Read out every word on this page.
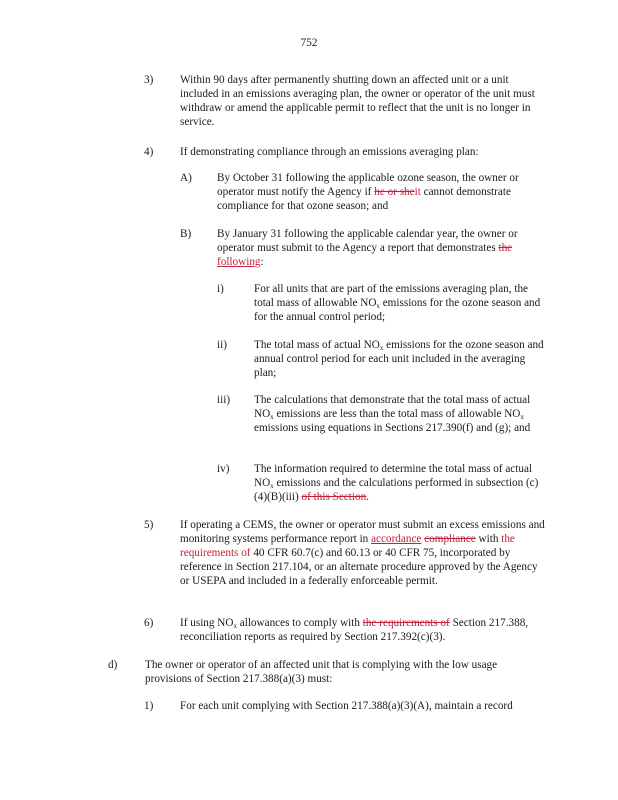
752
3) Within 90 days after permanently shutting down an affected unit or a unit included in an emissions averaging plan, the owner or operator of the unit must withdraw or amend the applicable permit to reflect that the unit is no longer in service.
4) If demonstrating compliance through an emissions averaging plan:
A) By October 31 following the applicable ozone season, the owner or operator must notify the Agency if he or sheit cannot demonstrate compliance for that ozone season; and
B) By January 31 following the applicable calendar year, the owner or operator must submit to the Agency a report that demonstrates the following:
i)	For all units that are part of the emissions averaging plan, the total mass of allowable $NO_x$ emissions for the ozone season and for the annual control period;
ii) The total mass of actual $NO_x$ emissions for the ozone season and annual control period for each unit included in the averaging plan;
iii) The calculations that demonstrate that the total mass of actual $NO_x$ emissions are less than the total mass of allowable $NO_x$ emissions using equations in Sections 217.390(f) and (g); and
iv) The information required to determine the total mass of actual $NO_x$ emissions and the calculations performed in subsection (c)(4)(B)(iii) of this Section.
5) If operating a CEMS, the owner or operator must submit an excess emissions and monitoring systems performance report in accordance compliance with the requirements of 40 CFR 60.7(c) and 60.13 or 40 CFR 75, incorporated by reference in Section 217.104, or an alternate procedure approved by the Agency or USEPA and included in a federally enforceable permit.
6) If using $NO_x$ allowances to comply with the requirements of Section 217.388, reconciliation reports as required by Section 217.392(c)(3).
d) The owner or operator of an affected unit that is complying with the low usage provisions of Section 217.388(a)(3) must:
1) For each unit complying with Section 217.388(a)(3)(A), maintain a record
